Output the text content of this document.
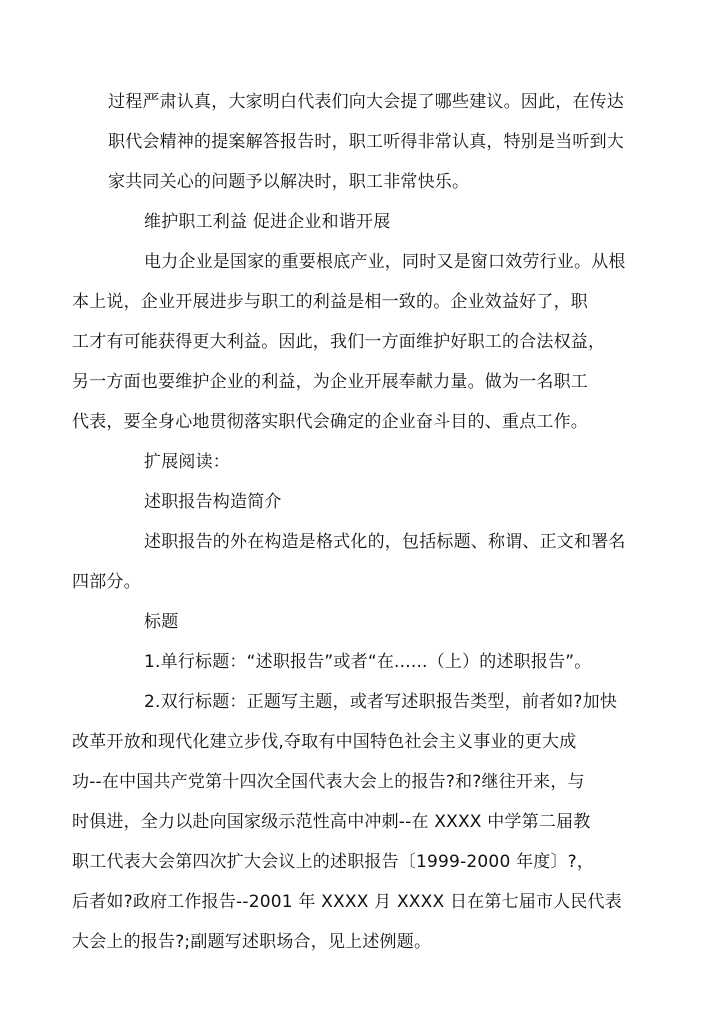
过程严肃认真，大家明白代表们向大会提了哪些建议。因此，在传达
职代会精神的提案解答报告时，职工听得非常认真，特别是当听到大
家共同关心的问题予以解决时，职工非常快乐。

维护职工利益 促进企业和谐开展

电力企业是国家的重要根底产业，同时又是窗口效劳行业。从根
本上说，企业开展进步与职工的利益是相一致的。企业效益好了，职
工才有可能获得更大利益。因此，我们一方面维护好职工的合法权益，
另一方面也要维护企业的利益，为企业开展奉献力量。做为一名职工
代表，要全身心地贯彻落实职代会确定的企业奋斗目的、重点工作。

扩展阅读：

述职报告构造简介

述职报告的外在构造是格式化的，包括标题、称谓、正文和署名
四部分。

标题

1.单行标题：“述职报告”或者“在......（上）的述职报告”。

2.双行标题：正题写主题，或者写述职报告类型，前者如?加快
改革开放和现代化建立步伐,夺取有中国特色社会主义事业的更大成
功--在中国共产党第十四次全国代表大会上的报告?和?继往开来，与
时俱进，全力以赴向国家级示范性高中冲刺--在 XXXX 中学第二届教
职工代表大会第四次扩大会议上的述职报告〔1999-2000 年度〕?，
后者如?政府工作报告--2001 年 XXXX 月 XXXX 日在第七届市人民代表
大会上的报告?;副题写述职场合，见上述例题。
